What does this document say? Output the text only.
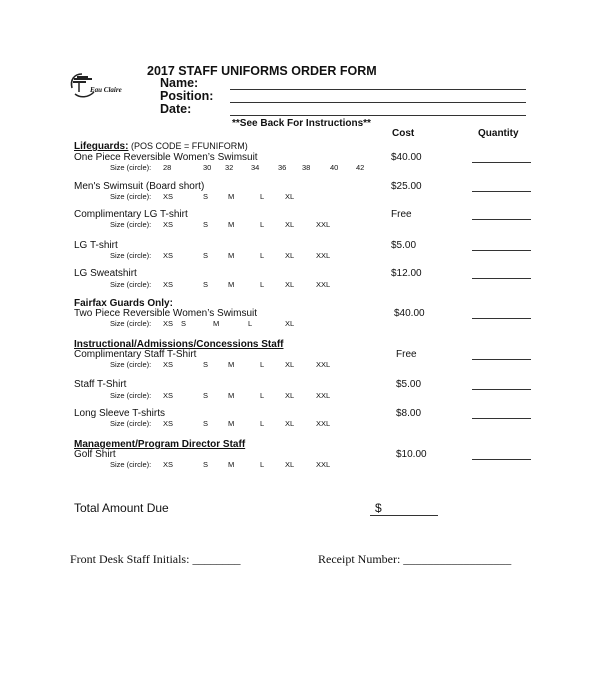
Eau Claire
2017 STAFF UNIFORMS ORDER FORM
Name:
Position:
Date:
**See Back For Instructions**
Cost	Quantity
Lifeguards: (POS CODE = FFUNIFORM)
Fairfax Guards Only:
Instructional/Admissions/Concessions Staff
Management/Program Director Staff
One Piece Reversible Women’s Swimsuit	$40.00
Size (circle): 28	30 32 34 36 38	40 42
Men's Swimsuit (Board short)	$25.00
Size (circle): XS	S	M	L	XL
Complimentary LG T-shirt	Free
Size (circle): XS	S	M	L	XL	XXL
LG T-shirt	$5.00
Size (circle): XS	S	M	L	XL	XXL
LG Sweatshirt	$12.00
Size (circle): XS	S	M	L	XL	XXL
Two Piece Reversible Women’s Swimsuit	$40.00
Size (circle): XS S	M	L	XL
Complimentary Staff T-Shirt	Free
Size (circle): XS	S	M	L	XL	XXL
Staff T-Shirt	$5.00
Size (circle): XS	S	M	L	XL	XXL
Long Sleeve T-shirts	$8.00
Size (circle): XS	S	M	L	XL	XXL
Golf Shirt	$10.00
Size (circle): XS	S	M	L	XL	XXL
Total Amount Due	$
Front Desk Staff Initials: ________	Receipt Number: __________________
